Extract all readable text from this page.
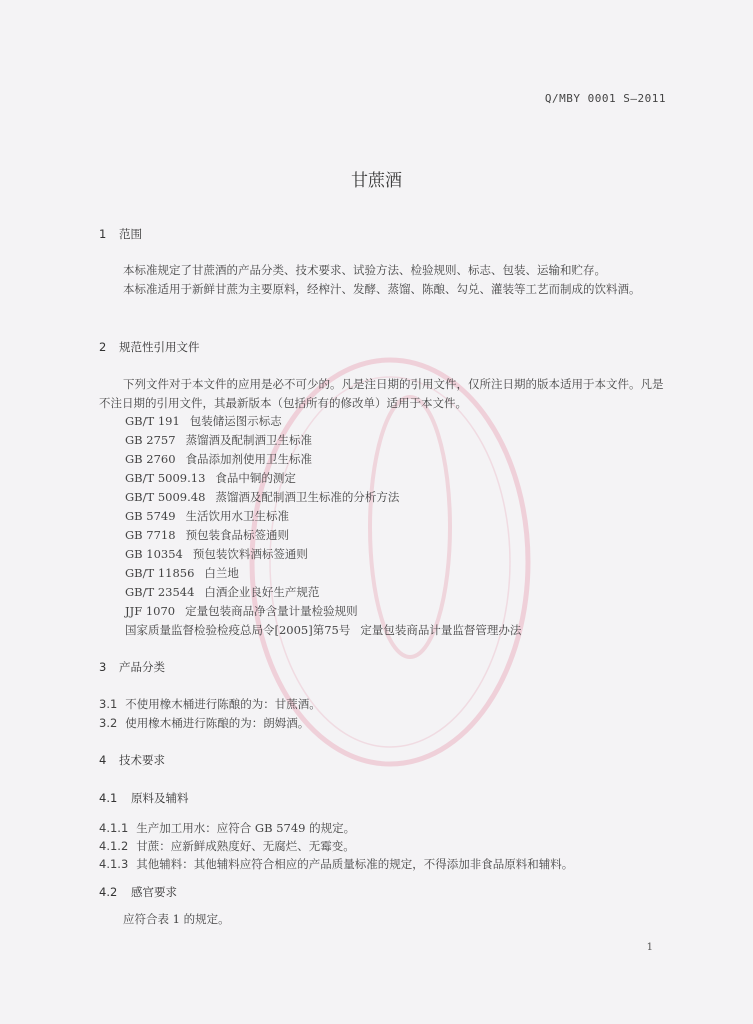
Q/MBY 0001 S—2011
甘蔗酒
1 范围
本标准规定了甘蔗酒的产品分类、技术要求、试验方法、检验规则、标志、包装、运输和贮存。
本标准适用于新鲜甘蔗为主要原料，经榨汁、发酵、蒸馏、陈酿、勾兑、灌装等工艺而制成的饮料酒。
2 规范性引用文件
下列文件对于本文件的应用是必不可少的。凡是注日期的引用文件，仅所注日期的版本适用于本文件。凡是不注日期的引用文件，其最新版本（包括所有的修改单）适用于本文件。
GB/T 191 包装储运图示标志
GB 2757 蒸馏酒及配制酒卫生标准
GB 2760 食品添加剂使用卫生标准
GB/T 5009.13 食品中铜的测定
GB/T 5009.48 蒸馏酒及配制酒卫生标准的分析方法
GB 5749 生活饮用水卫生标准
GB 7718 预包装食品标签通则
GB 10354 预包装饮料酒标签通则
GB/T 11856 白兰地
GB/T 23544 白酒企业良好生产规范
JJF 1070 定量包装商品净含量计量检验规则
国家质量监督检验检疫总局令[2005]第75号 定量包装商品计量监督管理办法
3 产品分类
3.1 不使用橡木桶进行陈酿的为：甘蔗酒。
3.2 使用橡木桶进行陈酿的为：朗姆酒。
4 技术要求
4.1 原料及辅料
4.1.1 生产加工用水：应符合 GB 5749 的规定。
4.1.2 甘蔗：应新鲜成熟度好、无腐烂、无霉变。
4.1.3 其他辅料：其他辅料应符合相应的产品质量标准的规定，不得添加非食品原料和辅料。
4.2 感官要求
应符合表 1 的规定。
1
